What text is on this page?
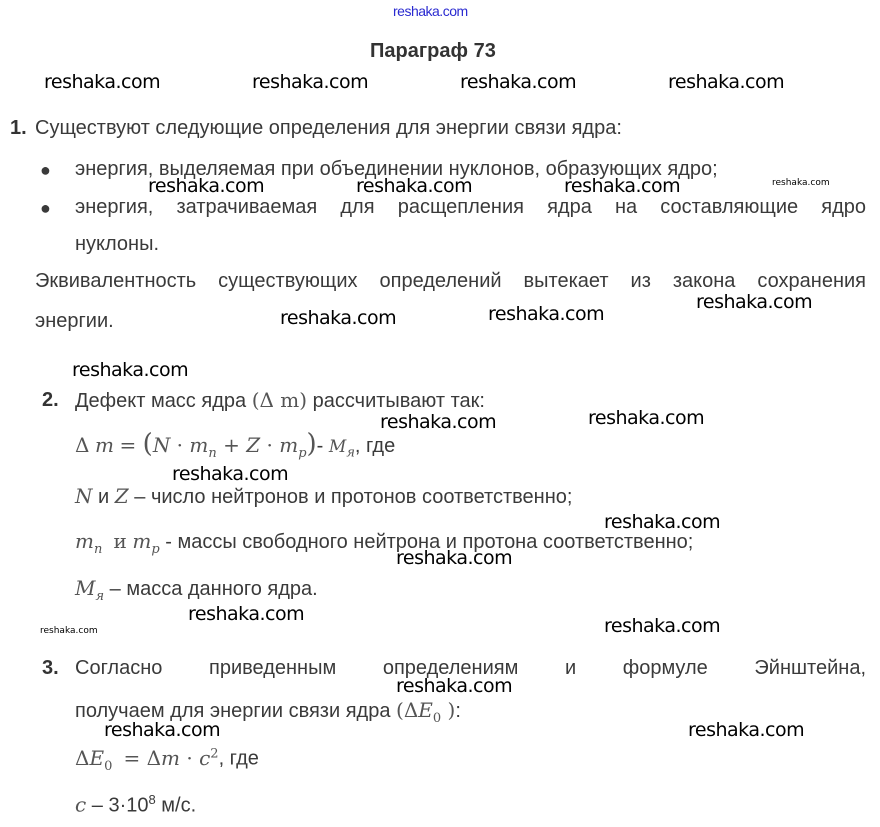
reshaka.com
Параграф 73
reshaka.com	reshaka.com	reshaka.com	reshaka.com
reshaka.com	reshaka.com	reshaka.com	reshaka.com
reshaka.com
reshaka.com
reshaka.com
reshaka.com
reshaka.com
reshaka.com
reshaka.com
reshaka.com
reshaka.com
reshaka.com
reshaka.com
reshaka.com
reshaka.com
reshaka.com	reshaka.com
1. Существуют следующие определения для энергии связи ядра:
● энергия, выделяемая при объединении нуклонов, образующих ядро;
● энергия, затрачиваемая для расщепления ядра на составляющие ядро
нуклоны.
Эквивалентность существующих определений вытекает из закона сохранения
энергии.
2. Дефект масс ядра (Δ m) рассчитывают так:
Δ $m = (N \cdot m_n + Z \cdot m_p)-$ $M_я$, где
N и Z – число нейтронов и протонов соответственно;
$m_n$ и $m_p$ - массы свободного нейтрона и протона соответственно;
$M_я$ – масса данного ядра.
3. Согласно приведенным определениям и формуле Эйнштейна,
получаем для энергии связи ядра ($\Delta E_0$ ):
$\Delta E_0 = \Delta m \cdot c^2$, где
$c - 3\cdot 10^8$ м/с.
